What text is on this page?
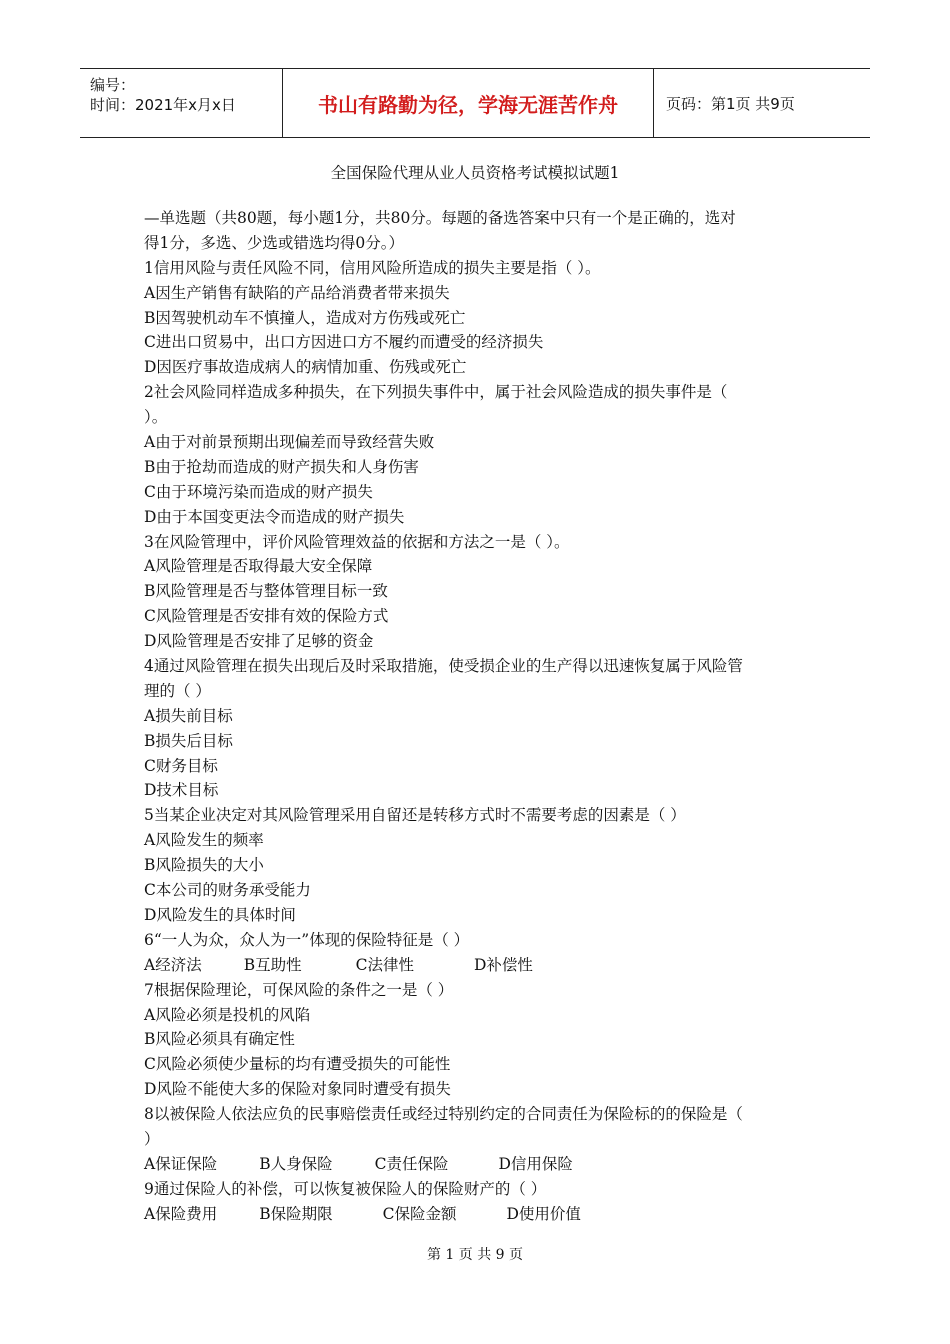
编号：
时间：2021年x月x日	书山有路勤为径，学海无涯苦作舟	页码：第1页 共9页
全国保险代理从业人员资格考试模拟试题1
—单选题（共80题，每小题1分，共80分。每题的备选答案中只有一个是正确的，选对
得1分，多选、少选或错选均得0分。）
1信用风险与责任风险不同，信用风险所造成的损失主要是指（ ）。
A因生产销售有缺陷的产品给消费者带来损失
B因驾驶机动车不慎撞人，造成对方伤残或死亡
C进出口贸易中，出口方因进口方不履约而遭受的经济损失
D因医疗事故造成病人的病情加重、伤残或死亡
2社会风险同样造成多种损失，在下列损失事件中，属于社会风险造成的损失事件是（
）。
A由于对前景预期出现偏差而导致经营失败
B由于抢劫而造成的财产损失和人身伤害
C由于环境污染而造成的财产损失
D由于本国变更法令而造成的财产损失
3在风险管理中，评价风险管理效益的依据和方法之一是（ ）。
A风险管理是否取得最大安全保障
B风险管理是否与整体管理目标一致
C风险管理是否安排有效的保险方式
D风险管理是否安排了足够的资金
4通过风险管理在损失出现后及时采取措施，使受损企业的生产得以迅速恢复属于风险管
理的（ ）
A损失前目标
B损失后目标
C财务目标
D技术目标
5当某企业决定对其风险管理采用自留还是转移方式时不需要考虑的因素是（ ）
A风险发生的频率
B风险损失的大小
C本公司的财务承受能力
D风险发生的具体时间
6“一人为众，众人为一”体现的保险特征是（ ）
A经济法	B互助性	C法律性	D补偿性
7根据保险理论，可保风险的条件之一是（ ）
A风险必须是投机的风陷
B风险必须具有确定性
C风险必须使少量标的均有遭受损失的可能性
D风险不能使大多的保险对象同时遭受有损失
8以被保险人依法应负的民事赔偿责任或经过特别约定的合同责任为保险标的的保险是（
）
A保证保险	B人身保险	C责任保险	D信用保险
9通过保险人的补偿，可以恢复被保险人的保险财产的（ ）
A保险费用	B保险期限	C保险金额	D使用价值
第 1 页 共 9 页
